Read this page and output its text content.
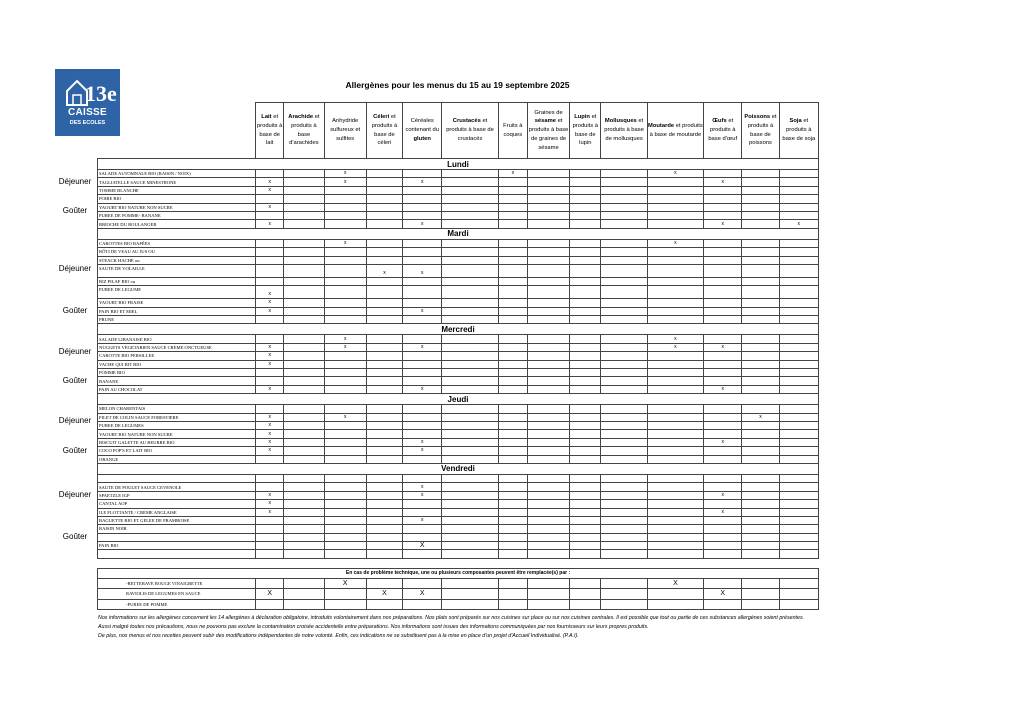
13e
CAISSE
DES ECOLES
Allergènes pour les menus du 15 au 19 septembre 2025
	Lait et produits à base de lait	Arachide et produits à base d'arachides	Anhydride sulfureux et sulfites	Céleri et produits à base de céleri	Céréales contenant du gluten	Crustacés et produits à base de crustacés	Fruits à coques	Graines de sésame et produits à base de graines de sésame	Lupin et produits à base de lupin	Mollusques et produits à base de mollusques	Moutarde et produits à base de moutarde	Œufs et produits à base d'œuf	Poissons et produits à base de poissons	Soja et produits à base de soja
Lundi														
SALADE AUTOMNALE BIO (RAISIN / NOIX)			x				x				x			
TAGLIATELLE SAUCE MINESTRONE	x		x		x							x		
TOMME BLANCHE	x													
POIRE BIO														
YAOURT BIO NATURE NON SUCRE	x													
PUREE DE POMME- BANANE														
BRIOCHE DU BOULANGER	x				x							x		x
Mardi														
CAROTTES BIO RAPÉES			x								x			
RÔTI DE VEAU AU JUS OU														
STEACK HACHE ou														
SAUTE DE VOLAILLE				x	x									
RIZ PILAF BIO ou														
PUREE DE LEGUME	x													
YAOURT BIO FRAISE	x													
PAIN BIO ET MIEL	x				x									
PRUNE														
Mercredi														
SALADE LIBANAISE BIO			x								x			
NUGGETS VEGETARIEN SAUCE CREME ONCTUEUSE	x		x		x						x	x		
CAROTTE BIO PERSILLEE	x													
VACHE QUI RIT BIO	x													
POMME BIO														
BANANE														
PAIN AU CHOCOLAT	x				x							x		
Jeudi														
MELON CHARENTAIS														
FILET DE COLIN SAUCE FORESTIERE	x		x										x	
PUREE DE LEGUMES	x													
YAOURT BIO NATURE NON SUCRE	x													
BISCUIT GALETTE AU BEURRE BIO	x				x							x		
COCO POP'S ET LAIT BIO	x				x									
ORANGE														
Vendredi														

SAUTE DE POULET SAUCE CEVENOLE					x									
SPAETZLE IGP	x				x							x		
CANTAL AOP	x													
ILE FLOTTANTE / CREME ANGLAISE	x											x		
BAGUETTE BIO ET GELEE DE FRAMBOISE					x									
RAISIN NOIR														

PAIN BIO					X									

Déjeuner
Goûter
Déjeuner
Goûter
Déjeuner
Goûter
Déjeuner
Goûter
Déjeuner
Goûter
En cas de problème technique, une ou plusieurs composantes peuvent être remplacée(s) par :														
-BETTERAVE ROUGE VINAIGRETTE			X								X			
RAVIOLIS DE LEGUMES EN SAUCE	X			X	X							X		
-PUREE DE POMME														
Nos informations sur les allergènes concernent les 14 allergènes à déclaration obligatoire, introduits volontairement dans nos préparations. Nos plats sont préparés sur nos cuisines sur place ou sur nos cuisines centrales. Il est possible que tout ou partie de ces substances allergènes soient présentes. Aussi malgré toutes nos précautions, nous ne pouvons pas exclure la contamination croisée accidentelle entre préparations. Nos informations sont issues des informations communiquées par nos fournisseurs sur leurs propres produits.
De plus, nos menus et nos recettes peuvent subir des modifications indépendantes de notre volonté. Enfin, ces indications ne se substituent pas à la mise en place d'un projet d'Accueil Individualisé. (P.A.I).
